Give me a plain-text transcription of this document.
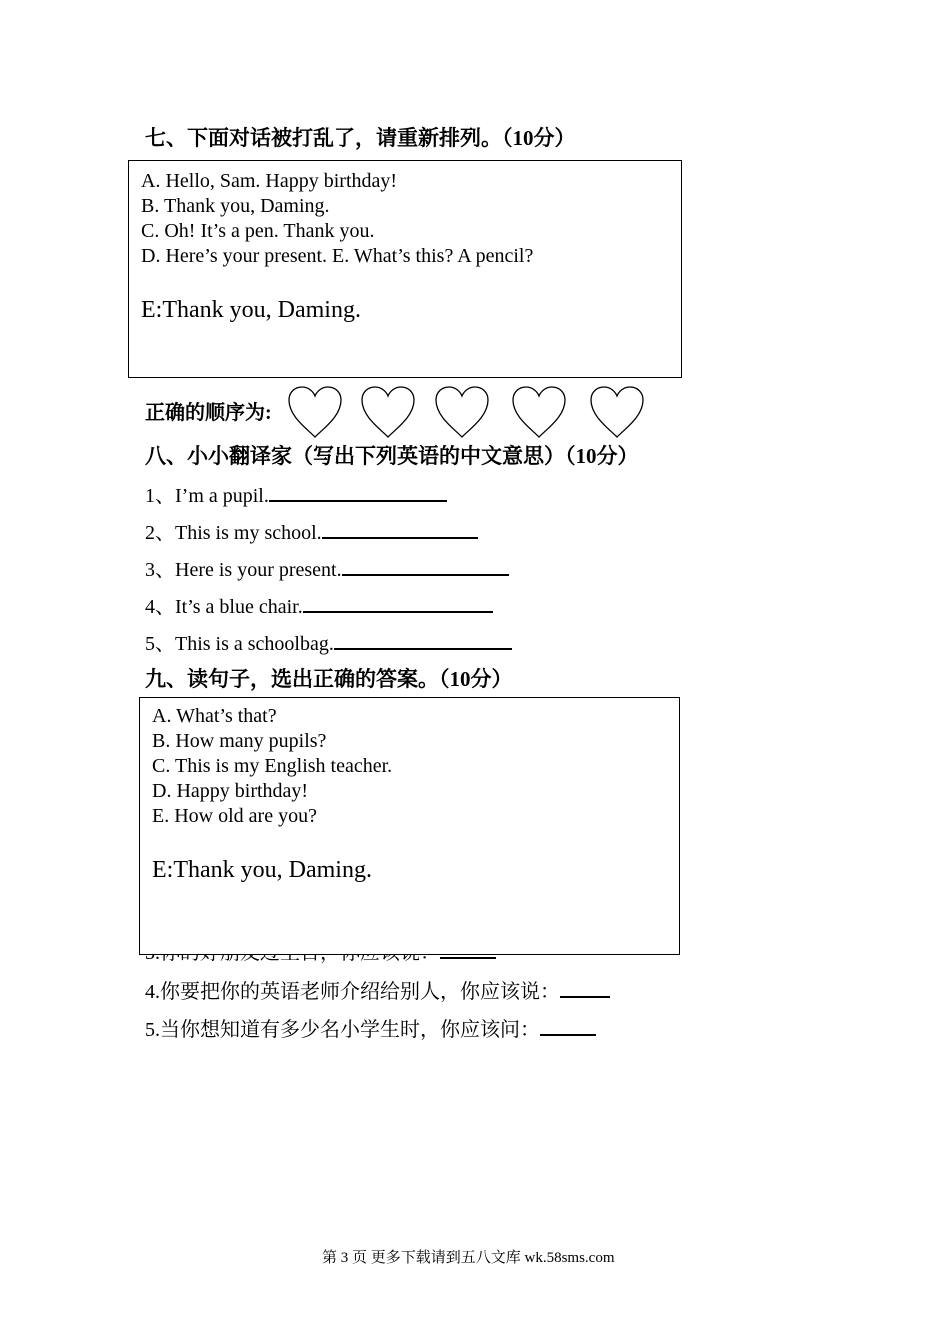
七、下面对话被打乱了，请重新排列。（10分）
A. Hello, Sam. Happy birthday!
B. Thank you, Daming.
C. Oh! It’s a pen. Thank you.
D. Here’s your present. E. What’s this? A pencil?
E:Thank you, Daming.
正确的顺序为:
八、小小翻译家（写出下列英语的中文意思）（10分）
1、I’m a pupil.
2、This is my school.
3、Here is your present.
4、It’s a blue chair.
5、This is a schoolbag.
九、读句子，选出正确的答案。（10分）
A. What’s that?
B. How many pupils?
C. This is my English teacher.
D. Happy birthday!
E. How old are you?
E:Thank you, Daming.
4.你要把你的英语老师介绍给别人，你应该说：
5.当你想知道有多少名小学生时，你应该问：
第 3 页 更多下载请到五八文库 wk.58sms.com
